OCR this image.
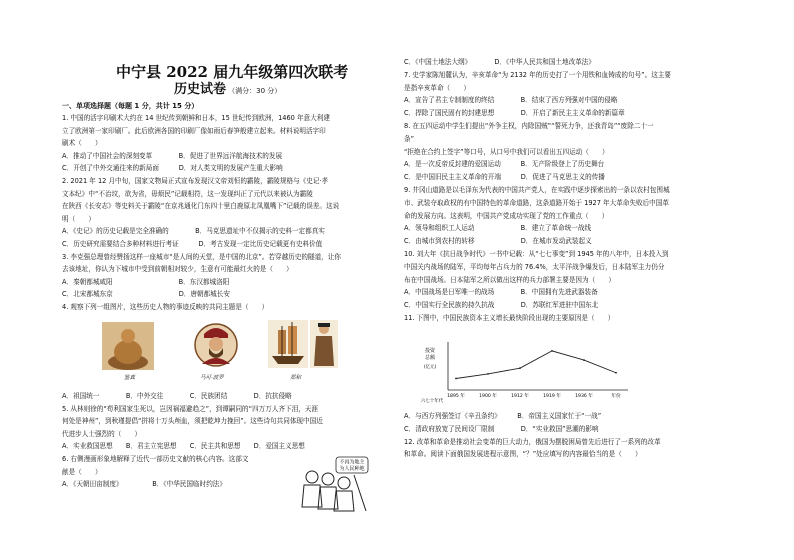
中宁县 2022 届九年级第四次联考
历史试卷 （满分：30 分）
一、单项选择题（每题 1 分，共计 15 分）
1. 中国的活字印刷术大约在 14 世纪传到朝鲜和日本，15 世纪传到欧洲，1460 年意大利建
立了欧洲第一家印刷厂。此后欧洲各国的印刷厂像如雨后春笋般建立起来。材料说明活字印
刷术（　　）
A．推动了中国社会的深刻变革　　　　B．促进了世界远洋航海技术的发展
C．开创了中外交通往来的新局面　　　D．对人类文明的发展产生重大影响
2. 2021 年 12 月中旬，国家文物局正式宣布发现汉文帝刘恒的霸陵，霸陵规格与《史记·孝
文本纪》中“不治坟，欲为省，毋烦民”记载相符，这一发现纠正了元代以来被认为霸陵
在陕西《长安志》等史料关于霸陵“在京兆通化门东四十里白鹿原北凤凰嘴下”记载的误差。这说
明（　　）
A．《史记》的历史记载是完全准确的　　　　B．马克思遗址中不仅揭示的史料一定都真实
C．历史研究需要结合多种材料进行考证　　　D．考古发现一定比历史记载更有史料价值
3. 李克强总理曾经赞扬这样一座城市“是人间的天堂，是中国的北京”。若穿越历史的隧道，让你
去该地址，你认为下城市中受到前朝相对较少，生意有可能最红火的是（　　）
A．秦朝都城咸阳　　　　　　　　　　B．东汉都城洛阳
C．北宋都城东京　　　　　　　　　　D．唐朝都城长安
4. 观察下列一组图片，这些历史人物的事迹反映的共同主题是（　　）
A．祖国统一　　　　B．中外交往　　　　C．民族团结　　　　D．抗抗侵略
5. 从林则徐的“苟利国家生死以，岂因祸福避趋之”，到谭嗣同的“四万万人齐下泪，天涯
何处是神州”，到秋瑾提倡“拼将十万头颅血，须把乾坤力挽回”。这些诗句共同体现中国近
代进步人士强烈的（　　）
A．实业救国思想　　B．君主立宪思想　　C．民主共和思想　　D．爱国主义思想
6. 右侧漫画形象地解释了近代一部历史文献的核心内容。这部文
献是（　　）
A．《天朝田亩制度》　　　　　B．《中华民国临时约法》
鉴真	马可·波罗	郑和
不再为地主
为人民种地
C．《中国土地法大纲》　　　　D．《中华人民共和国土地改革法》
7. 史学家陈旭麓认为，辛亥革命“为 2132 年的历史打了一个用铁和血铸成的句号”。这主要
是指辛亥革命（　　）
A．宣告了君主专制制度的终结　　　　B．结束了西方列强对中国的侵略
C．捍除了国民固有的封建思想　　　　D．开启了新民主主义革命的新篇章
8. 在五四运动中学生们提出“外争主权，内除国贼”“誓死力争，还我青岛”“废除二十一
条”
“拒绝在合约上签字”等口号，从口号中我们可以看出五四运动（　　）
A．是一次反帝反封建的爱国运动　　　B．无产阶级登上了历史舞台
C．是中国旧民主主义革命的开端　　　D．促进了马克思主义的传播
9. 井冈山道路是以毛泽东为代表的中国共产党人，在实践中逐步探索出的一条以农村包围城
市、武装夺取政权的有中国特色的革命道路，这条道路开始于 1927 年大革命失败后中国革
命的发展方向。这表明，中国共产党成功实现了党的工作重点（　　）
A．领导和组织工人运动　　　　　　　B．建立了革命统一战线
C．由城市到农村的转移　　　　　　　D．在城市发动武装起义
10. 刘大年《抗日战争时代》一书中记载：从“七七事变”到 1945 年的八年中，日本投入到
中国关内战场的陆军，平均每年占兵力的 76.4%，太平洋战争爆发后，日本陆军主力仍分
布在中国战场。日本陆军之所以做出这样的兵力部署主要是因为（　　）
A．中国战场是日军唯一的战场　　　　B．中国拥有先进武器装备
C．中国实行全民族的持久抗战　　　　D．苏联红军进驻中国东北
11. 下图中，中国民族资本主义增长最快阶段出现的主要原因是（　　）
A．与西方列强签订《辛丑条约》　　　B．帝国主义国家忙于“一战”
C．清政府放宽了民间设厂限制　　　　D．“实业救国”思潮的影响
12. 改革和革命是推动社会变革的巨大动力，俄国为摆脱困局曾先后进行了一系列的改革
和革命。阅读下面俄国发展进程示意图，“？”处应填写的内容最恰当的是（　　）
投资
总额
(亿元)
六七十年代
1895 年	1900 年	1912 年	1919 年	1936 年	年份
